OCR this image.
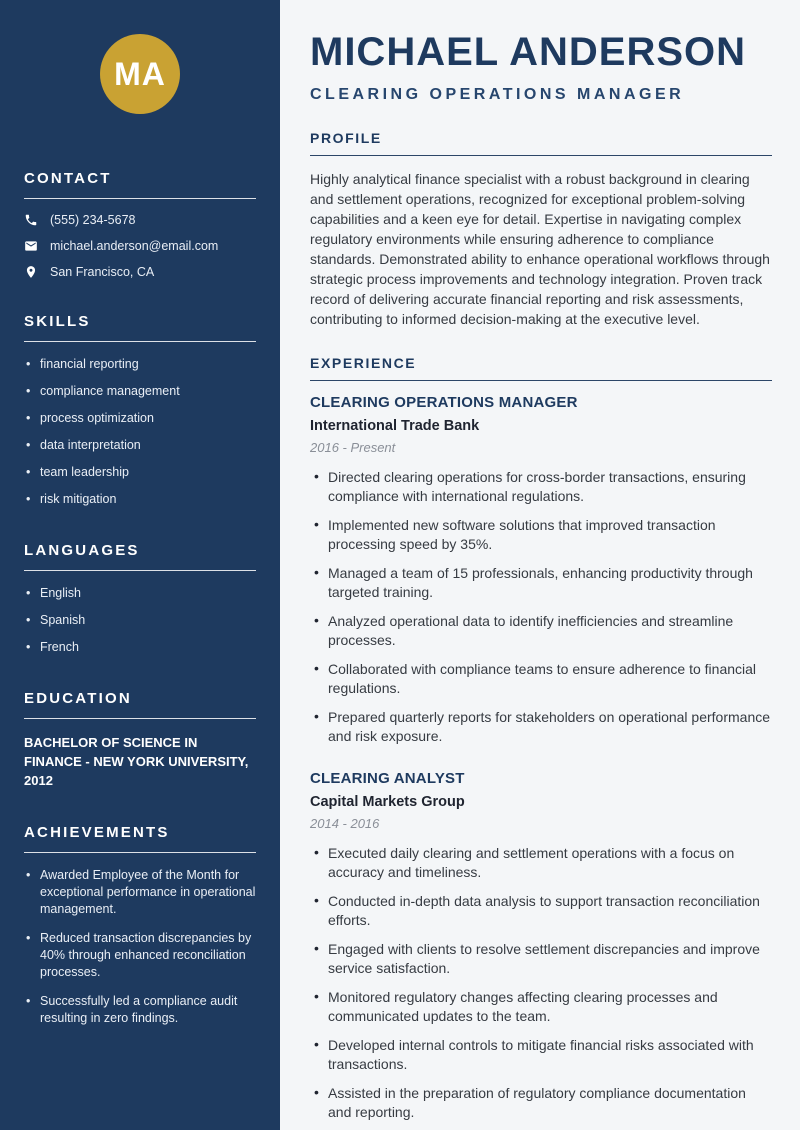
MA
CONTACT
(555) 234-5678
michael.anderson@email.com
San Francisco, CA
SKILLS
• financial reporting
• compliance management
• process optimization
• data interpretation
• team leadership
• risk mitigation
LANGUAGES
• English
• Spanish
• French
EDUCATION
BACHELOR OF SCIENCE IN FINANCE - NEW YORK UNIVERSITY, 2012
ACHIEVEMENTS
• Awarded Employee of the Month for exceptional performance in operational management.
• Reduced transaction discrepancies by 40% through enhanced reconciliation processes.
• Successfully led a compliance audit resulting in zero findings.
MICHAEL ANDERSON
CLEARING OPERATIONS MANAGER
PROFILE

Highly analytical finance specialist with a robust background in clearing and settlement operations, recognized for exceptional problem-solving capabilities and a keen eye for detail. Expertise in navigating complex regulatory environments while ensuring adherence to compliance standards. Demonstrated ability to enhance operational workflows through strategic process improvements and technology integration. Proven track record of delivering accurate financial reporting and risk assessments, contributing to informed decision-making at the executive level.

EXPERIENCE
CLEARING OPERATIONS MANAGER
International Trade Bank
2016 - Present
• Directed clearing operations for cross-border transactions, ensuring compliance with international regulations.
• Implemented new software solutions that improved transaction processing speed by 35%.
• Managed a team of 15 professionals, enhancing productivity through targeted training.
• Analyzed operational data to identify inefficiencies and streamline processes.
• Collaborated with compliance teams to ensure adherence to financial regulations.
• Prepared quarterly reports for stakeholders on operational performance and risk exposure.
CLEARING ANALYST
Capital Markets Group
2014 - 2016
• Executed daily clearing and settlement operations with a focus on accuracy and timeliness.
• Conducted in-depth data analysis to support transaction reconciliation efforts.
• Engaged with clients to resolve settlement discrepancies and improve service satisfaction.
• Monitored regulatory changes affecting clearing processes and communicated updates to the team.
• Developed internal controls to mitigate financial risks associated with transactions.
• Assisted in the preparation of regulatory compliance documentation and reporting.
